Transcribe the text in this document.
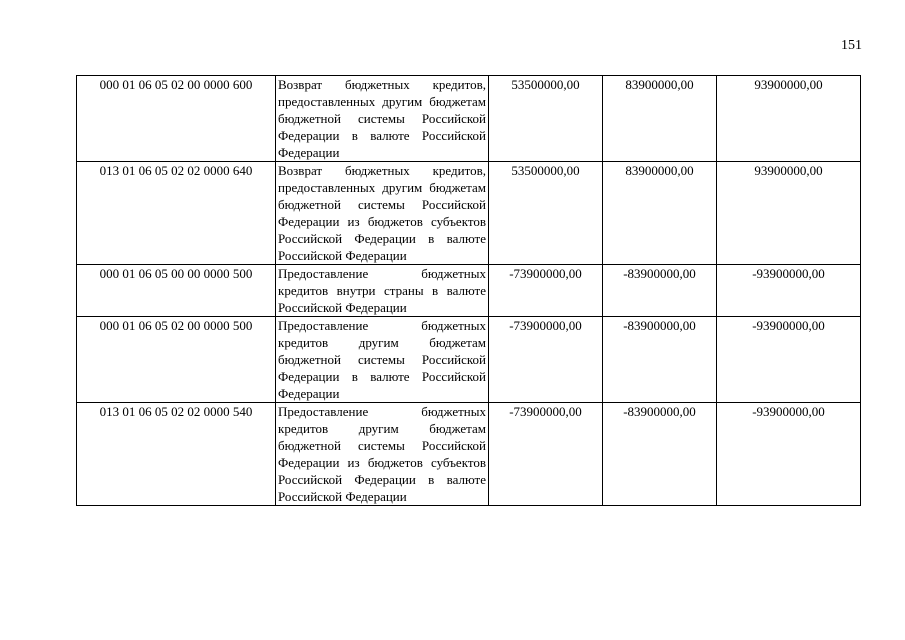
151
000 01 06 05 02 00 0000 600	Возврат бюджетных кредитов, предоставленных другим бюджетам бюджетной системы Российской Федерации в валюте Российской Федерации	53500000,00	83900000,00	93900000,00
013 01 06 05 02 02 0000 640	Возврат бюджетных кредитов, предоставленных другим бюджетам бюджетной системы Российской Федерации из бюджетов субъектов Российской Федерации в валюте Российской Федерации	53500000,00	83900000,00	93900000,00
000 01 06 05 00 00 0000 500	Предоставление бюджетных кредитов внутри страны в валюте Российской Федерации	-73900000,00	-83900000,00	-93900000,00
000 01 06 05 02 00 0000 500	Предоставление бюджетных кредитов другим бюджетам бюджетной системы Российской Федерации в валюте Российской Федерации	-73900000,00	-83900000,00	-93900000,00
013 01 06 05 02 02 0000 540	Предоставление бюджетных кредитов другим бюджетам бюджетной системы Российской Федерации из бюджетов субъектов Российской Федерации в валюте Российской Федерации	-73900000,00	-83900000,00	-93900000,00
